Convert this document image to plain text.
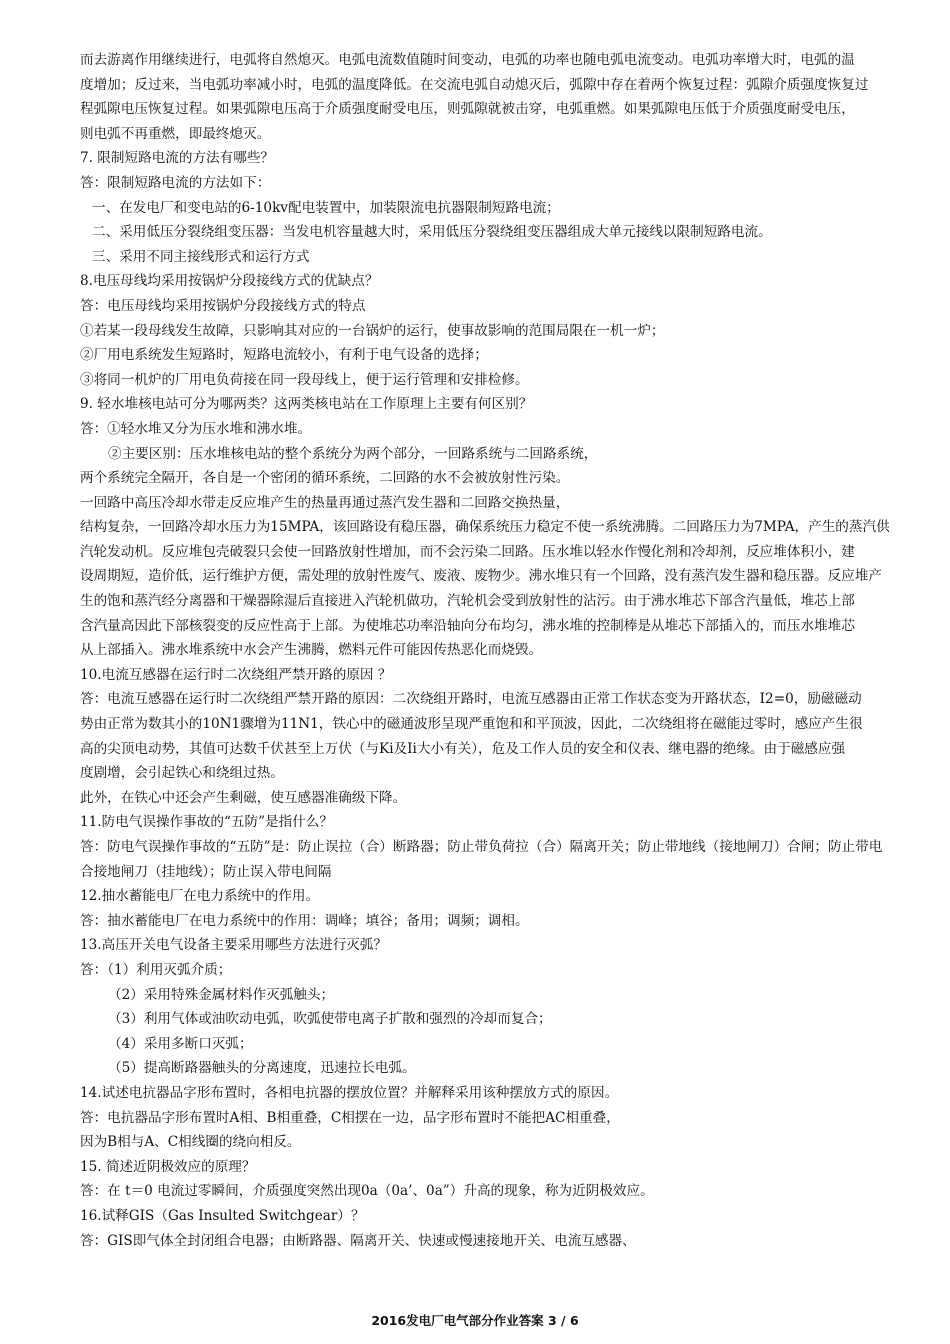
而去游离作用继续进行，电弧将自然熄灭。电弧电流数值随时间变动，电弧的功率也随电弧电流变动。电弧功率增大时，电弧的温
度增加；反过来，当电弧功率减小时，电弧的温度降低。在交流电弧自动熄灭后，弧隙中存在着两个恢复过程：弧隙介质强度恢复过
程弧隙电压恢复过程。如果弧隙电压高于介质强度耐受电压，则弧隙就被击穿，电弧重燃。如果弧隙电压低于介质强度耐受电压，
则电弧不再重燃，即最终熄灭。
7. 限制短路电流的方法有哪些？
答：限制短路电流的方法如下：
一、在发电厂和变电站的6-10kv配电装置中，加装限流电抗器限制短路电流；
二、采用低压分裂绕组变压器：当发电机容量越大时，采用低压分裂绕组变压器组成大单元接线以限制短路电流。
三、采用不同主接线形式和运行方式
8.电压母线均采用按锅炉分段接线方式的优缺点？
答：电压母线均采用按锅炉分段接线方式的特点
①若某一段母线发生故障，只影响其对应的一台锅炉的运行，使事故影响的范围局限在一机一炉；
②厂用电系统发生短路时，短路电流较小，有利于电气设备的选择；
③将同一机炉的厂用电负荷接在同一段母线上，便于运行管理和安排检修。
9. 轻水堆核电站可分为哪两类？这两类核电站在工作原理上主要有何区别？
答：①轻水堆又分为压水堆和沸水堆。
②主要区别：压水堆核电站的整个系统分为两个部分，一回路系统与二回路系统，
两个系统完全隔开，各自是一个密闭的循环系统，二回路的水不会被放射性污染。
一回路中高压冷却水带走反应堆产生的热量再通过蒸汽发生器和二回路交换热量，
结构复杂，一回路冷却水压力为15MPA，该回路设有稳压器，确保系统压力稳定不使一系统沸腾。二回路压力为7MPA，产生的蒸汽供
汽轮发动机。反应堆包壳破裂只会使一回路放射性增加，而不会污染二回路。压水堆以轻水作慢化剂和冷却剂，反应堆体积小，建
设周期短，造价低，运行维护方便，需处理的放射性废气、废液、废物少。沸水堆只有一个回路，没有蒸汽发生器和稳压器。反应堆产
生的饱和蒸汽经分离器和干燥器除湿后直接进入汽轮机做功，汽轮机会受到放射性的沾污。由于沸水堆芯下部含汽量低，堆芯上部
含汽量高因此下部核裂变的反应性高于上部。为使堆芯功率沿轴向分布均匀，沸水堆的控制棒是从堆芯下部插入的，而压水堆堆芯
从上部插入。沸水堆系统中水会产生沸腾，燃料元件可能因传热恶化而烧毁。
10.电流互感器在运行时二次绕组严禁开路的原因 ？
答：电流互感器在运行时二次绕组严禁开路的原因：二次绕组开路时，电流互感器由正常工作状态变为开路状态，I2=0，励磁磁动
势由正常为数其小的10N1骤增为11N1，铁心中的磁通波形呈现严重饱和和平顶波，因此，二次绕组将在磁能过零时，感应产生很
高的尖顶电动势，其值可达数千伏甚至上万伏（与Ki及Ii大小有关），危及工作人员的安全和仪表、继电器的绝缘。由于磁感应强
度剧增，会引起铁心和绕组过热。
此外，在铁心中还会产生剩磁，使互感器准确级下降。
11.防电气误操作事故的“五防”是指什么？
答：防电气误操作事故的“五防”是：防止误拉（合）断路器；防止带负荷拉（合）隔离开关；防止带地线（接地闸刀）合闸；防止带电
合接地闸刀（挂地线）；防止误入带电间隔
12.抽水蓄能电厂在电力系统中的作用。
答：抽水蓄能电厂在电力系统中的作用：调峰；填谷；备用；调频；调相。
13.高压开关电气设备主要采用哪些方法进行灭弧？
答：（1）利用灭弧介质；
（2）采用特殊金属材料作灭弧触头；
（3）利用气体或油吹动电弧，吹弧使带电离子扩散和强烈的冷却而复合；
（4）采用多断口灭弧；
（5）提高断路器触头的分离速度，迅速拉长电弧。
14.试述电抗器品字形布置时，各相电抗器的摆放位置？并解释采用该种摆放方式的原因。
答：电抗器品字形布置时A相、B相重叠，C相摆在一边，品字形布置时不能把AC相重叠，
因为B相与A、C相线圈的绕向相反。
15. 简述近阴极效应的原理？
答：在 t＝0 电流过零瞬间，介质强度突然出现0a（0a’、0a”）升高的现象，称为近阴极效应。
16.试释GIS（Gas Insulted Switchgear）？
答：GIS即气体全封闭组合电器；由断路器、隔离开关、快速或慢速接地开关、电流互感器、
2016发电厂电气部分作业答案 3 / 6
